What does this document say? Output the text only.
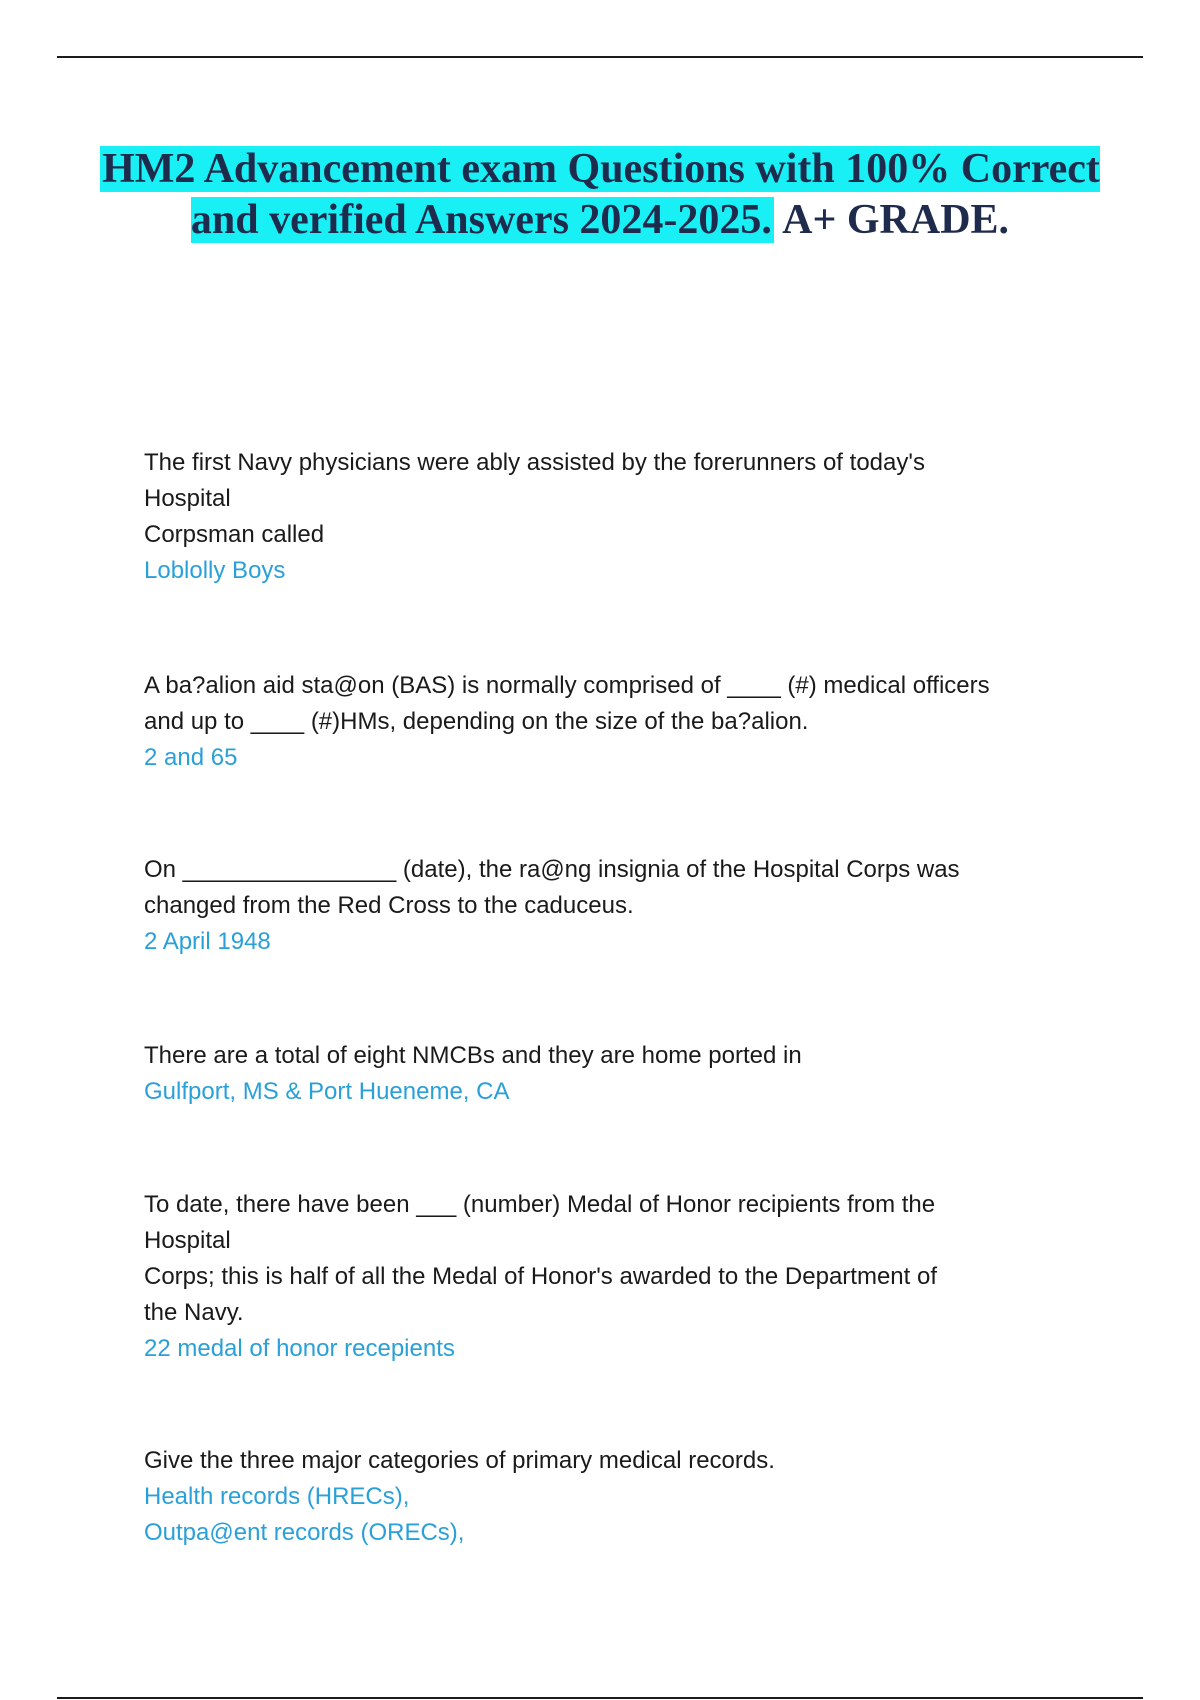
HM2 Advancement exam Questions with 100% Correct and verified Answers 2024-2025. A+ GRADE.
The first Navy physicians were ably assisted by the forerunners of today's
Hospital
Corpsman called
Loblolly Boys
A ba?alion aid sta@on (BAS) is normally comprised of ____ (#) medical officers
and up to ____ (#)HMs, depending on the size of the ba?alion.
2 and 65
On ________________ (date), the ra@ng insignia of the Hospital Corps was
changed from the Red Cross to the caduceus.
2 April 1948
There are a total of eight NMCBs and they are home ported in
Gulfport, MS & Port Hueneme, CA
To date, there have been ___ (number) Medal of Honor recipients from the
Hospital
Corps; this is half of all the Medal of Honor's awarded to the Department of
the Navy.
22 medal of honor recepients
Give the three major categories of primary medical records.
Health records (HRECs),
Outpa@ent records (ORECs),
